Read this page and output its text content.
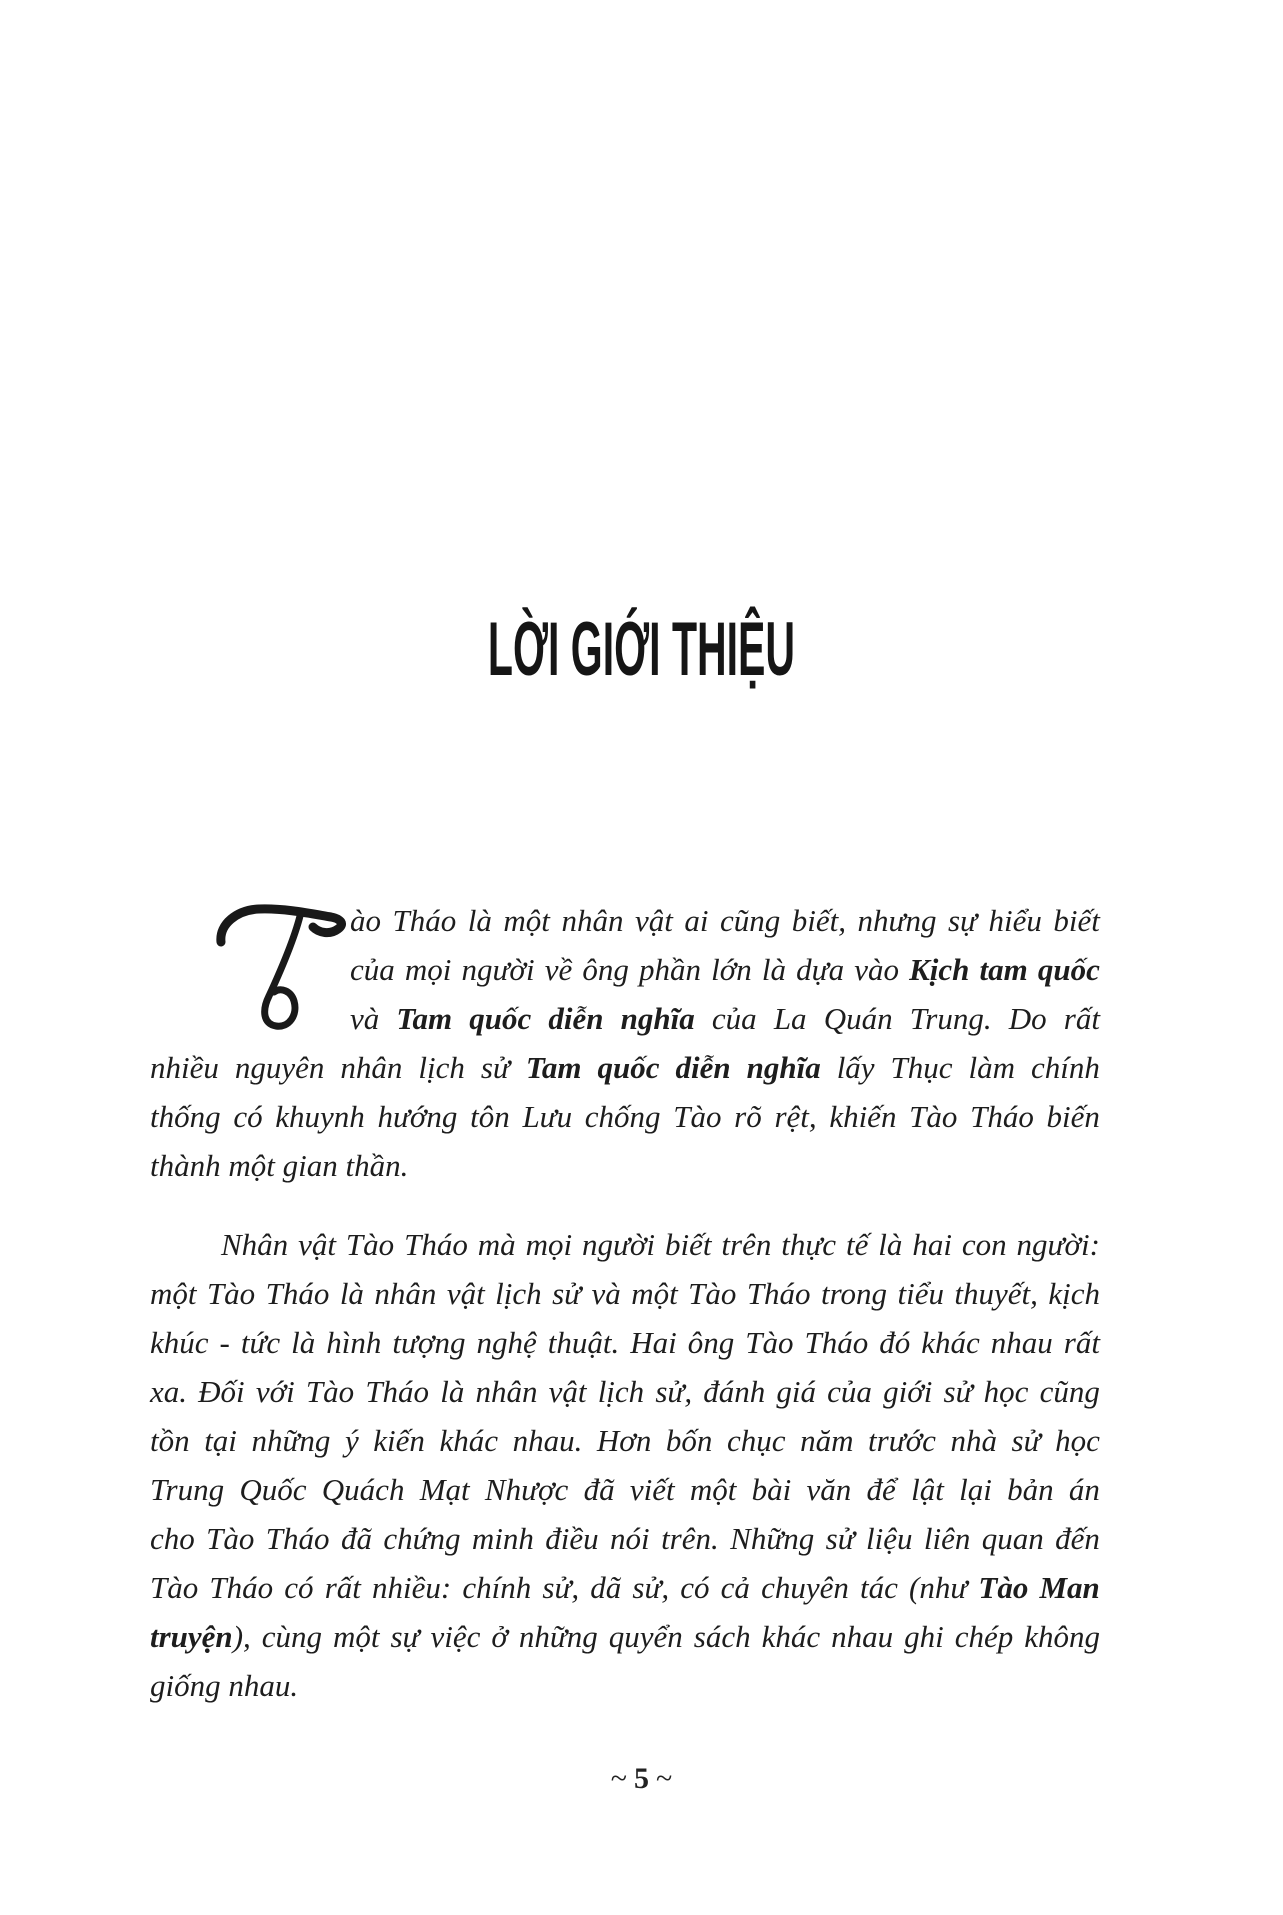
LỜI GIỚI THIỆU
ào Tháo là một nhân vật ai cũng biết, nhưng sự hiểu biết
của mọi người về ông phần lớn là dựa vào Kịch tam quốc
và Tam quốc diễn nghĩa của La Quán Trung. Do rất
nhiều nguyên nhân lịch sử Tam quốc diễn nghĩa lấy Thục làm chính
thống có khuynh hướng tôn Lưu chống Tào rõ rệt, khiến Tào Tháo biến
thành một gian thần.
Nhân vật Tào Tháo mà mọi người biết trên thực tế là hai con người:
một Tào Tháo là nhân vật lịch sử và một Tào Tháo trong tiểu thuyết, kịch
khúc - tức là hình tượng nghệ thuật. Hai ông Tào Tháo đó khác nhau rất
xa. Đối với Tào Tháo là nhân vật lịch sử, đánh giá của giới sử học cũng
tồn tại những ý kiến khác nhau. Hơn bốn chục năm trước nhà sử học
Trung Quốc Quách Mạt Nhược đã viết một bài văn để lật lại bản án
cho Tào Tháo đã chứng minh điều nói trên. Những sử liệu liên quan đến
Tào Tháo có rất nhiều: chính sử, dã sử, có cả chuyên tác (như Tào Man
truyện), cùng một sự việc ở những quyển sách khác nhau ghi chép không
giống nhau.
~ 5 ~
